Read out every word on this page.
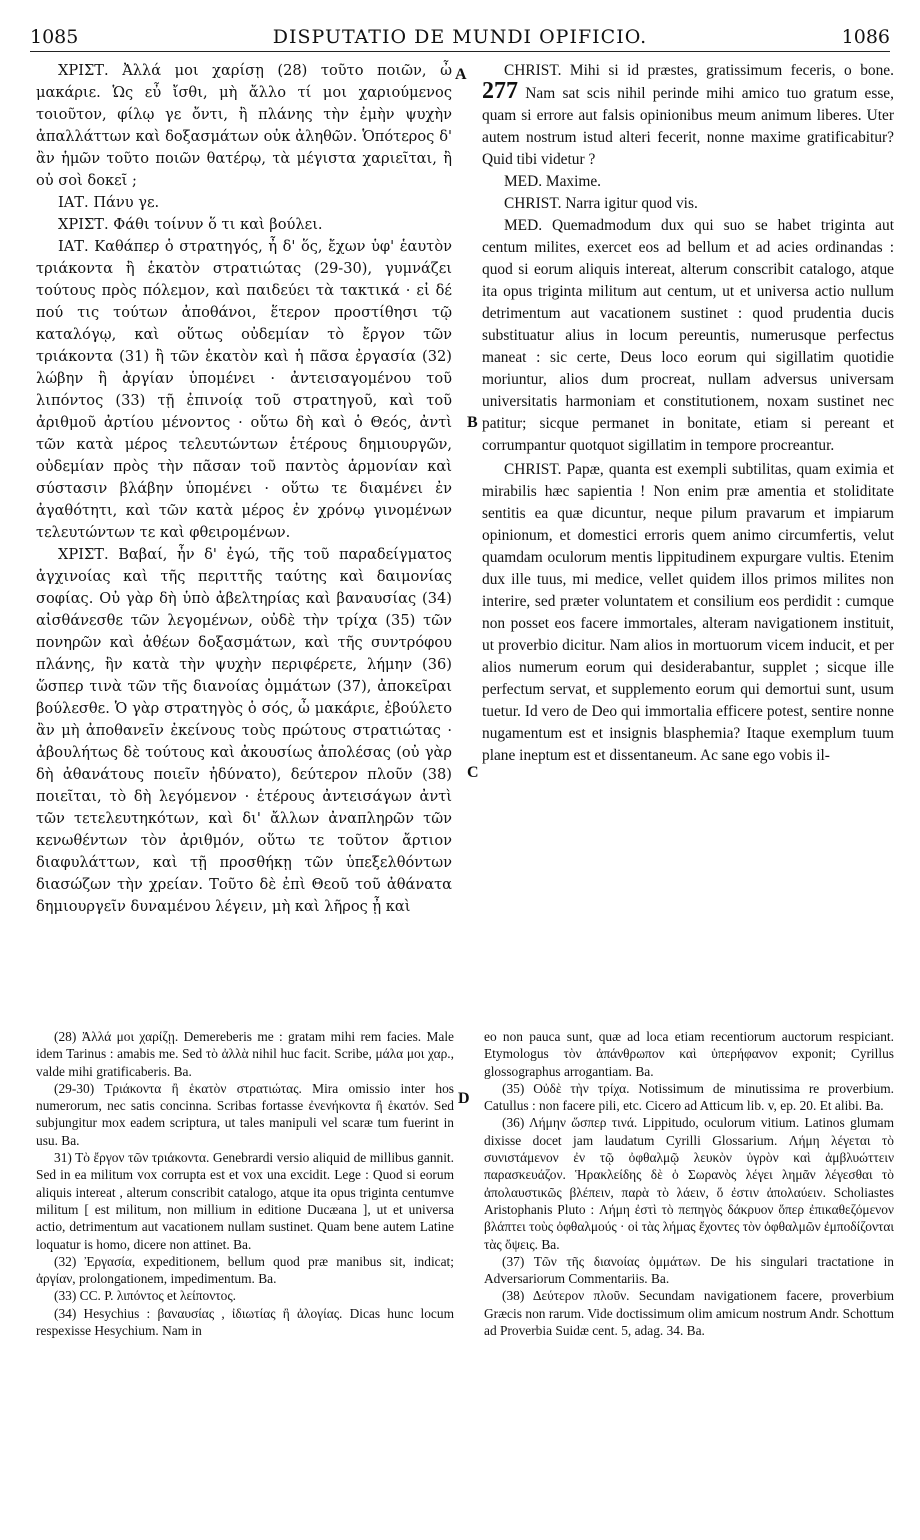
1085	DISPUTATIO DE MUNDI OPIFICIO.	1086
A
B
C
D

ΧΡΙΣΤ. Ἀλλά μοι χαρίσῃ (28) τοῦτο ποιῶν, ὦ μακάριε. Ὡς εὖ ἴσθι, μὴ ἄλλο τί μοι χαριούμενος τοιοῦτον, φίλῳ γε ὄντι, ἢ πλάνης τὴν ἐμὴν ψυχὴν ἀπαλλάττων καὶ δοξασμάτων οὐκ ἀληθῶν. Ὁπότερος δ' ἂν ἡμῶν τοῦτο ποιῶν θατέρῳ, τὰ μέγιστα χαριεῖται, ἢ οὐ σοὶ δοκεῖ ;

ΙΑΤ. Πάνυ γε.

ΧΡΙΣΤ. Φάθι τοίνυν ὅ τι καὶ βούλει.

ΙΑΤ. Καθάπερ ὁ στρατηγός, ἦ δ' ὅς, ἔχων ὑφ' ἑαυτὸν τριάκοντα ἢ ἑκατὸν στρατιώτας (29-30), γυμνάζει τούτους πρὸς πόλεμον, καὶ παιδεύει τὰ τακτικά · εἰ δέ πού τις τούτων ἀποθάνοι, ἕτερον προστίθησι τῷ καταλόγῳ, καὶ οὕτως οὐδεμίαν τὸ ἔργον τῶν τριάκοντα (31) ἢ τῶν ἑκατὸν καὶ ἡ πᾶσα ἐργασία (32) λώβην ἢ ἀργίαν ὑπομένει · ἀντεισαγομένου τοῦ λιπόντος (33) τῇ ἐπινοίᾳ τοῦ στρατηγοῦ, καὶ τοῦ ἀριθμοῦ ἀρτίου μένοντος · οὕτω δὴ καὶ ὁ Θεός, ἀντὶ τῶν κατὰ μέρος τελευτώντων ἑτέρους δημιουργῶν, οὐδεμίαν πρὸς τὴν πᾶσαν τοῦ παντὸς ἁρμονίαν καὶ σύστασιν βλάβην ὑπομένει · οὕτω τε διαμένει ἐν ἀγαθότητι, καὶ τῶν κατὰ μέρος ἐν χρόνῳ γινομένων τελευτώντων τε καὶ φθειρομένων.

ΧΡΙΣΤ. Βαβαί, ἦν δ' ἐγώ, τῆς τοῦ παραδείγματος ἀγχινοίας καὶ τῆς περιττῆς ταύτης καὶ δαιμονίας σοφίας. Οὐ γὰρ δὴ ὑπὸ ἀβελτηρίας καὶ βαναυσίας (34) αἰσθάνεσθε τῶν λεγομένων, οὐδὲ τὴν τρίχα (35) τῶν πονηρῶν καὶ ἀθέων δοξασμάτων, καὶ τῆς συντρόφου πλάνης, ἣν κατὰ τὴν ψυχὴν περιφέρετε, λήμην (36) ὥσπερ τινὰ τῶν τῆς διανοίας ὀμμάτων (37), ἀποκεῖραι βούλεσθε. Ὁ γὰρ στρατηγὸς ὁ σός, ὦ μακάριε, ἐβούλετο ἂν μὴ ἀποθανεῖν ἐκείνους τοὺς πρώτους στρατιώτας · ἀβουλήτως δὲ τούτους καὶ ἀκουσίως ἀπολέσας (οὐ γὰρ δὴ ἀθανάτους ποιεῖν ἠδύνατο), δεύτερον πλοῦν (38) ποιεῖται, τὸ δὴ λεγόμενον · ἑτέρους ἀντεισάγων ἀντὶ τῶν τετελευτηκότων, καὶ δι' ἄλλων ἀναπληρῶν τῶν κενωθέντων τὸν ἀριθμόν, οὕτω τε τοῦτον ἄρτιον διαφυλάττων, καὶ τῇ προσθήκῃ τῶν ὑπεξελθόντων διασώζων τὴν χρείαν. Τοῦτο δὲ ἐπὶ Θεοῦ τοῦ ἀθάνατα δημιουργεῖν δυναμένου λέγειν, μὴ καὶ λῆρος ᾖ καὶ

CHRIST. Mihi si id præstes, gratissimum feceris, o bone. 277 Nam sat scis nihil perinde mihi amico tuo gratum esse, quam si errore aut falsis opinionibus meum animum liberes. Uter autem nostrum istud alteri fecerit, nonne maxime gratificabitur? Quid tibi videtur ?

MED. Maxime.

CHRIST. Narra igitur quod vis.

MED. Quemadmodum dux qui suo se habet triginta aut centum milites, exercet eos ad bellum et ad acies ordinandas : quod si eorum aliquis intereat, alterum conscribit catalogo, atque ita opus triginta militum aut centum, ut et universa actio nullum detrimentum aut vacationem sustinet : quod prudentia ducis substituatur alius in locum pereuntis, numerusque perfectus maneat : sic certe, Deus loco eorum qui sigillatim quotidie moriuntur, alios dum procreat, nullam adversus universam universitatis harmoniam et constitutionem, noxam sustinet nec patitur; sicque permanet in bonitate, etiam si pereant et corrumpantur quotquot sigillatim in tempore procreantur.

CHRIST. Papæ, quanta est exempli subtilitas, quam eximia et mirabilis hæc sapientia ! Non enim præ amentia et stoliditate sentitis ea quæ dicuntur, neque pilum pravarum et impiarum opinionum, et domestici erroris quem animo circumfertis, velut quamdam oculorum mentis lippitudinem expurgare vultis. Etenim dux ille tuus, mi medice, vellet quidem illos primos milites non interire, sed præter voluntatem et consilium eos perdidit : cumque non posset eos facere immortales, alteram navigationem instituit, ut proverbio dicitur. Nam alios in mortuorum vicem inducit, et per alios numerum eorum qui desiderabantur, supplet ; sicque ille perfectum servat, et supplemento eorum qui demortui sunt, usum tuetur. Id vero de Deo qui immortalia efficere potest, sentire nonne nugamentum est et insignis blasphemia? Itaque exemplum tuum plane ineptum est et dissentaneum. Ac sane ego vobis il-

(28) Ἀλλά μοι χαρίζῃ. Demereberis me : gratam mihi rem facies. Male idem Tarinus : amabis me. Sed τὸ ἀλλὰ nihil huc facit. Scribe, μάλα μοι χαρ., valde mihi gratificaberis. Ba.

(29-30) Τριάκοντα ἢ ἑκατὸν στρατιώτας. Mira omissio inter hos numerorum, nec satis concinna. Scribas fortasse ἐνενήκοντα ἢ ἑκατόν. Sed subjungitur mox eadem scriptura, ut tales manipuli vel scaræ tum fuerint in usu. Ba.

31) Τὸ ἔργον τῶν τριάκοντα. Genebrardi versio aliquid de millibus gannit. Sed in ea militum vox corrupta est et vox una excidit. Lege : Quod si eorum aliquis intereat , alterum conscribit catalogo, atque ita opus triginta centumve militum [ est militum, non millium in editione Ducæana ], ut et universa actio, detrimentum aut vacationem nullam sustinet. Quam bene autem Latine loquatur is homo, dicere non attinet. Ba.

(32) Ἐργασία, expeditionem, bellum quod præ manibus sit, indicat; ἀργίαν, prolongationem, impedimentum. Ba.

(33) CC. P. λιπόντος et λείποντος.

(34) Hesychius : βαναυσίας , ἰδιωτίας ἢ ἀλογίας. Dicas hunc locum respexisse Hesychium. Nam in

eo non pauca sunt, quæ ad loca etiam recentiorum auctorum respiciant. Etymologus τὸν ἀπάνθρωπον καὶ ὑπερήφανον exponit; Cyrillus glossographus arrogantiam. Ba.

(35) Οὐδὲ τὴν τρίχα. Notissimum de minutissima re proverbium. Catullus : non facere pili, etc. Cicero ad Atticum lib. v, ep. 20. Et alibi. Ba.

(36) Λήμην ὥσπερ τινά. Lippitudo, oculorum vitium. Latinos glumam dixisse docet jam laudatum Cyrilli Glossarium. Λήμη λέγεται τὸ συνιστάμενον ἐν τῷ ὀφθαλμῷ λευκὸν ὑγρὸν καὶ ἀμβλυώττειν παρασκευάζον. Ἡρακλείδης δὲ ὁ Σωρανὸς λέγει λημᾶν λέγεσθαι τὸ ἀπολαυστικῶς βλέπειν, παρὰ τὸ λάειν, ὅ ἐστιν ἀπολαύειν. Scholiastes Aristophanis Pluto : Λήμη ἐστὶ τὸ πεπηγὸς δάκρυον ὅπερ ἐπικαθεζόμενον βλάπτει τοὺς ὀφθαλμούς · οἱ τὰς λήμας ἔχοντες τὸν ὀφθαλμῶν ἐμποδίζονται τὰς ὄψεις. Ba.

(37) Τῶν τῆς διανοίας ὀμμάτων. De his singulari tractatione in Adversariorum Commentariis. Ba.

(38) Δεύτερον πλοῦν. Secundam navigationem facere, proverbium Græcis non rarum. Vide doctissimum olim amicum nostrum Andr. Schottum ad Proverbia Suidæ cent. 5, adag. 34. Ba.
